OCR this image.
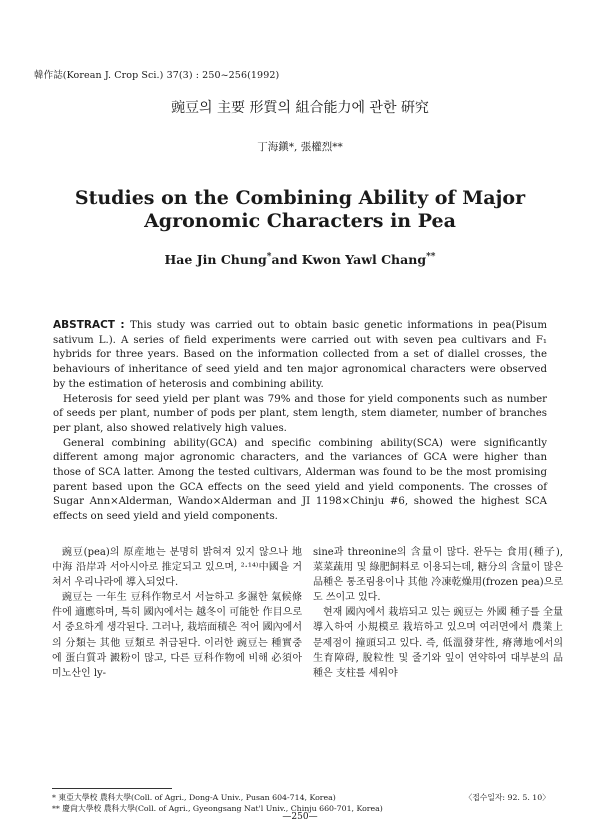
韓作誌(Korean J. Crop Sci.) 37(3) : 250~256(1992)
豌豆의 主要 形質의 組合能力에 관한 硏究
丁海鎭*, 張權烈**
Studies on the Combining Ability of Major Agronomic Characters in Pea
Hae Jin Chung*and Kwon Yawl Chang**

ABSTRACT : This study was carried out to obtain basic genetic informations in pea(Pisum sativum L.). A series of field experiments were carried out with seven pea cultivars and F₁ hybrids for three years. Based on the information collected from a set of diallel crosses, the behaviours of inheritance of seed yield and ten major agronomical characters were observed by the estimation of heterosis and combining ability.

Heterosis for seed yield per plant was 79% and those for yield components such as number of seeds per plant, number of pods per plant, stem length, stem diameter, number of branches per plant, also showed relatively high values.

General combining ability(GCA) and specific combining ability(SCA) were significantly different among major agronomic characters, and the variances of GCA were higher than those of SCA latter. Among the tested cultivars, Alderman was found to be the most promising parent based upon the GCA effects on the seed yield and yield components. The crosses of Sugar Ann×Alderman, Wando×Alderman and JI 1198×Chinju #6, showed the highest SCA effects on seed yield and yield components.

豌豆(pea)의 原産地는 분명히 밝혀져 있지 않으나 地中海 沿岸과 서아시아로 推定되고 있으며, ²·¹⁴⁾中國을 거쳐서 우리나라에 導入되었다.

豌豆는 一年生 豆科作物로서 서늘하고 多濕한 氣候條件에 適應하며, 특히 國內에서는 越冬이 可能한 作目으로서 중요하게 생각된다. 그러나, 栽培面積은 적어 國內에서의 分類는 其他 豆類로 취급된다. 이러한 豌豆는 種實중에 蛋白質과 澱粉이 많고, 다른 豆科作物에 비해 必須아미노산인 ly-

sine과 threonine의 含量이 많다. 완두는 食用(種子), 菜菜蔬用 및 綠肥飼料로 이용되는데, 糖分의 含量이 많은 品種은 통조림용이나 其他 冷凍乾燥用(frozen pea)으로도 쓰이고 있다.

현재 國內에서 栽培되고 있는 豌豆는 外國 種子를 全量 導入하여 小規模로 栽培하고 있으며 여러면에서 農業上 문제점이 撞頭되고 있다. 즉, 低溫發芽性, 瘠薄地에서의 生育障碍, 脫粒性 및 줄기와 잎이 연약하여 대부분의 品種은 支柱를 세워야

* 東亞大學校 農科大學(Coll. of Agri., Dong-A Univ., Pusan 604-714, Korea)	〈접수일자: 92. 5. 10〉
** 慶尙大學校 農科大學(Coll. of Agri., Gyeongsang Nat'l Univ., Chinju 660-701, Korea)
—250—
